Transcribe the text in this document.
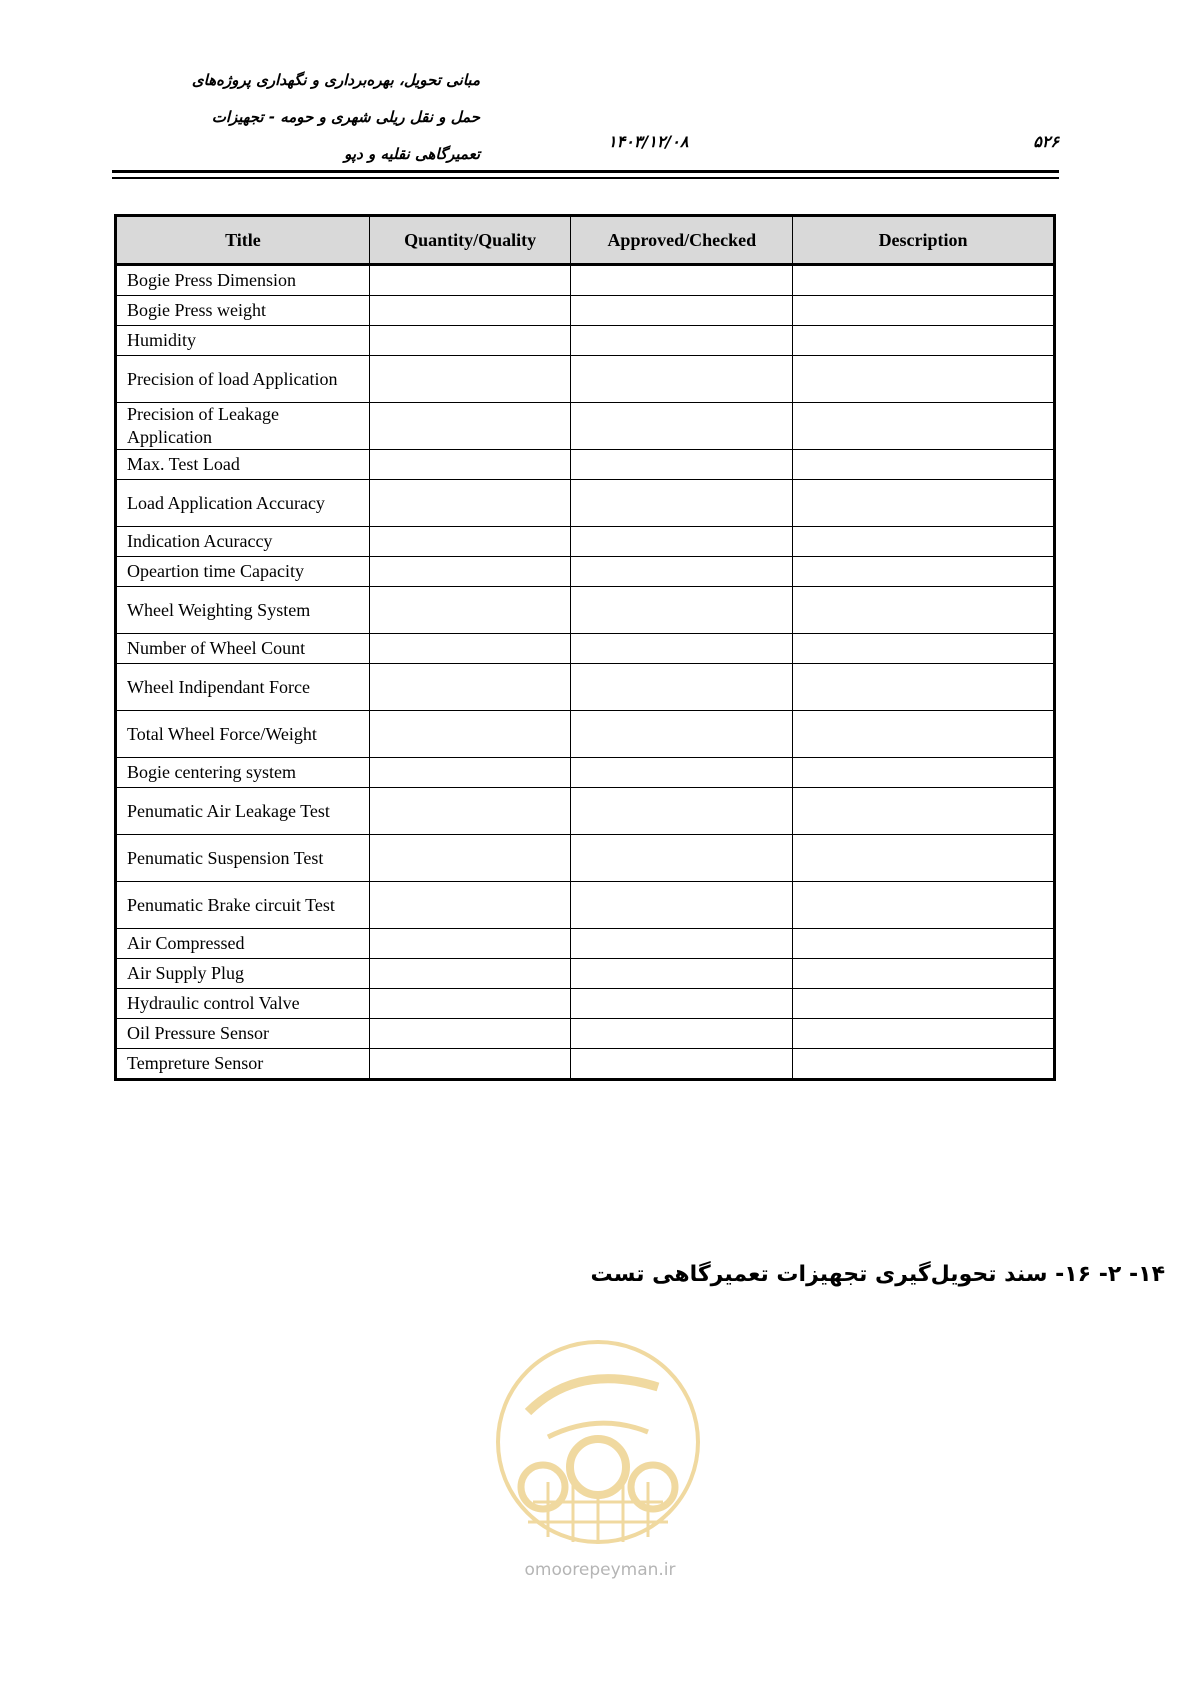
مبانی تحویل، بهره‌برداری و نگهداری پروژه‌های
حمل و نقل ریلی شهری و حومه - تجهیزات
تعمیرگاهی نقلیه و دپو
۱۴۰۳/۱۲/۰۸	۵۲۶
Title	Quantity/Quality	Approved/Checked	Description
Bogie Press Dimension			
Bogie Press weight			
Humidity			
Precision of load Application			
Precision of Leakage Application			
Max. Test Load			
Load Application Accuracy			
Indication Acuraccy			
Opeartion time Capacity			
Wheel Weighting System			
Number of Wheel Count			
Wheel Indipendant Force			
Total Wheel Force/Weight			
Bogie centering system			
Penumatic Air Leakage Test			
Penumatic Suspension Test			
Penumatic Brake circuit Test			
Air Compressed			
Air Supply Plug			
Hydraulic control Valve			
Oil Pressure Sensor			
Tempreture Sensor			
۱۴- ۲- ۱۶- سند تحویل‌گیری تجهیزات تعمیرگاهی تست
omoorepeyman.ir
